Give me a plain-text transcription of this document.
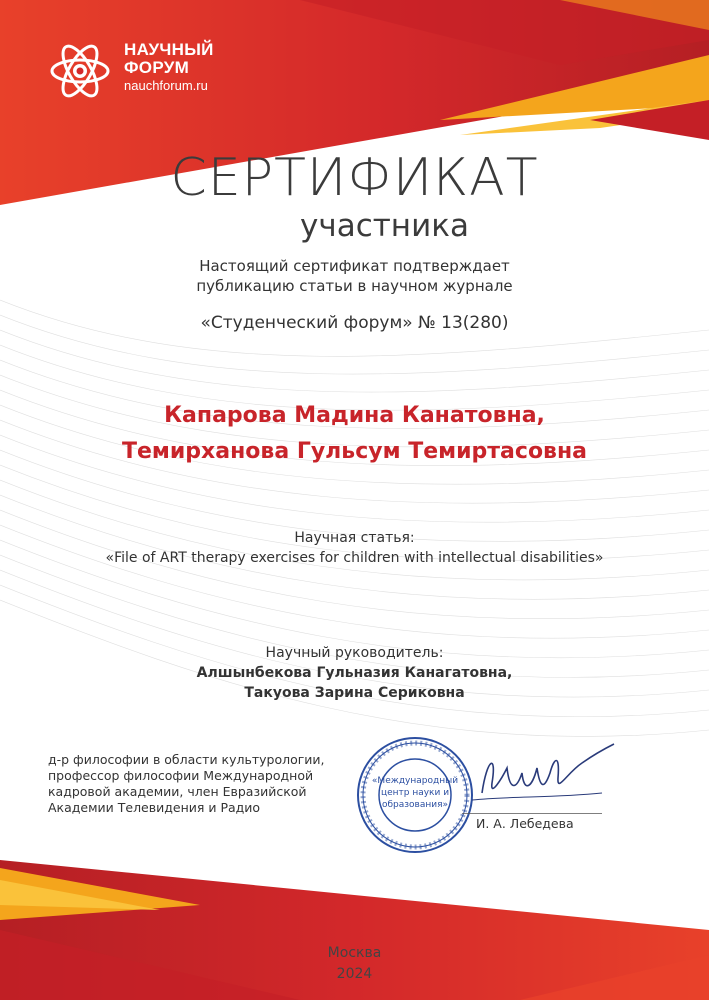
НАУЧНЫЙ
ФОРУМ
nauchforum.ru
СЕРТИФИКАТ
участника
Настоящий сертификат подтверждает
публикацию статьи в научном журнале
«Студенческий форум» № 13(280)
Капарова Мадина Канатовна,
Темирханова Гульсум Темиртасовна
Научная статья:
«File of ART therapy exercises for children with intellectual disabilities»
Научный руководитель:
Алшынбекова Гульназия Канагатовна,
Такуова Зарина Сериковна
д-р философии в области культурологии,
профессор философии Международной
кадровой академии, член Евразийской
Академии Телевидения и Радио
«Международный
центр науки и
образования»
И. А. Лебедева
Москва
2024
